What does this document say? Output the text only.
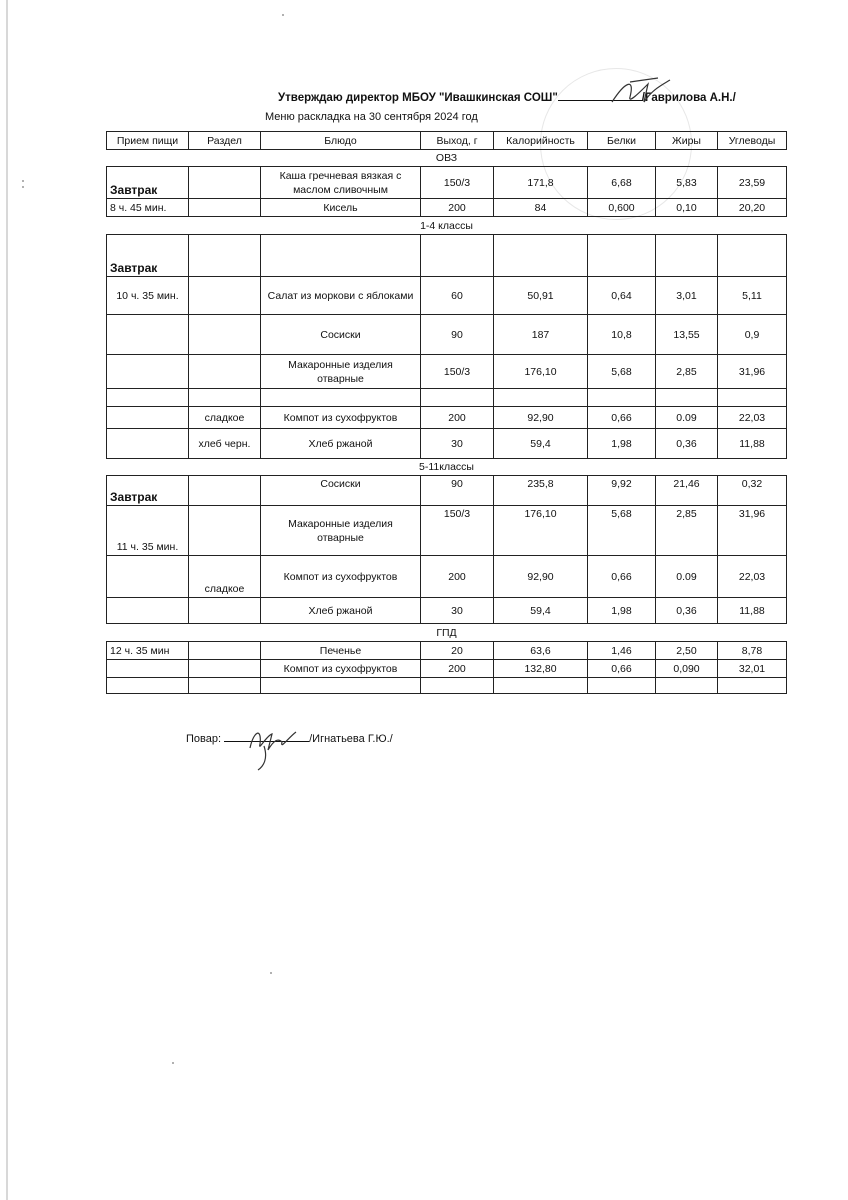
Утверждаю директор МБОУ "Ивашкинская СОШ"	/Гаврилова А.Н./
Меню раскладка на 30 сентября 2024 год
Прием пищи	Раздел	Блюдо	Выход, г	Калорийность	Белки	Жиры	Углеводы
ОВЗ							
Завтрак		Каша гречневая вязкая с маслом сливочным	150/3	171,8	6,68	5,83	23,59
8 ч. 45 мин.		Кисель	200	84	0,600	0,10	20,20
1-4 классы							
Завтрак							
10 ч. 35 мин.		Салат из моркови с яблоками	60	50,91	0,64	3,01	5,11
		Сосиски	90	187	10,8	13,55	0,9
		Макаронные изделия отварные	150/3	176,10	5,68	2,85	31,96

	сладкое	Компот из сухофруктов	200	92,90	0,66	0.09	22,03
	хлеб черн.	Хлеб ржаной	30	59,4	1,98	0,36	11,88
5-11классы							
Завтрак		Сосиски	90	235,8	9,92	21,46	0,32
11 ч. 35 мин.		Макаронные изделия отварные	150/3	176,10	5,68	2,85	31,96
	сладкое	Компот из сухофруктов	200	92,90	0,66	0.09	22,03
		Хлеб ржаной	30	59,4	1,98	0,36	11,88
ГПД							
12 ч. 35 мин		Печенье	20	63,6	1,46	2,50	8,78
		Компот из сухофруктов	200	132,80	0,66	0,090	32,01

Повар:	/Игнатьева Г.Ю./
